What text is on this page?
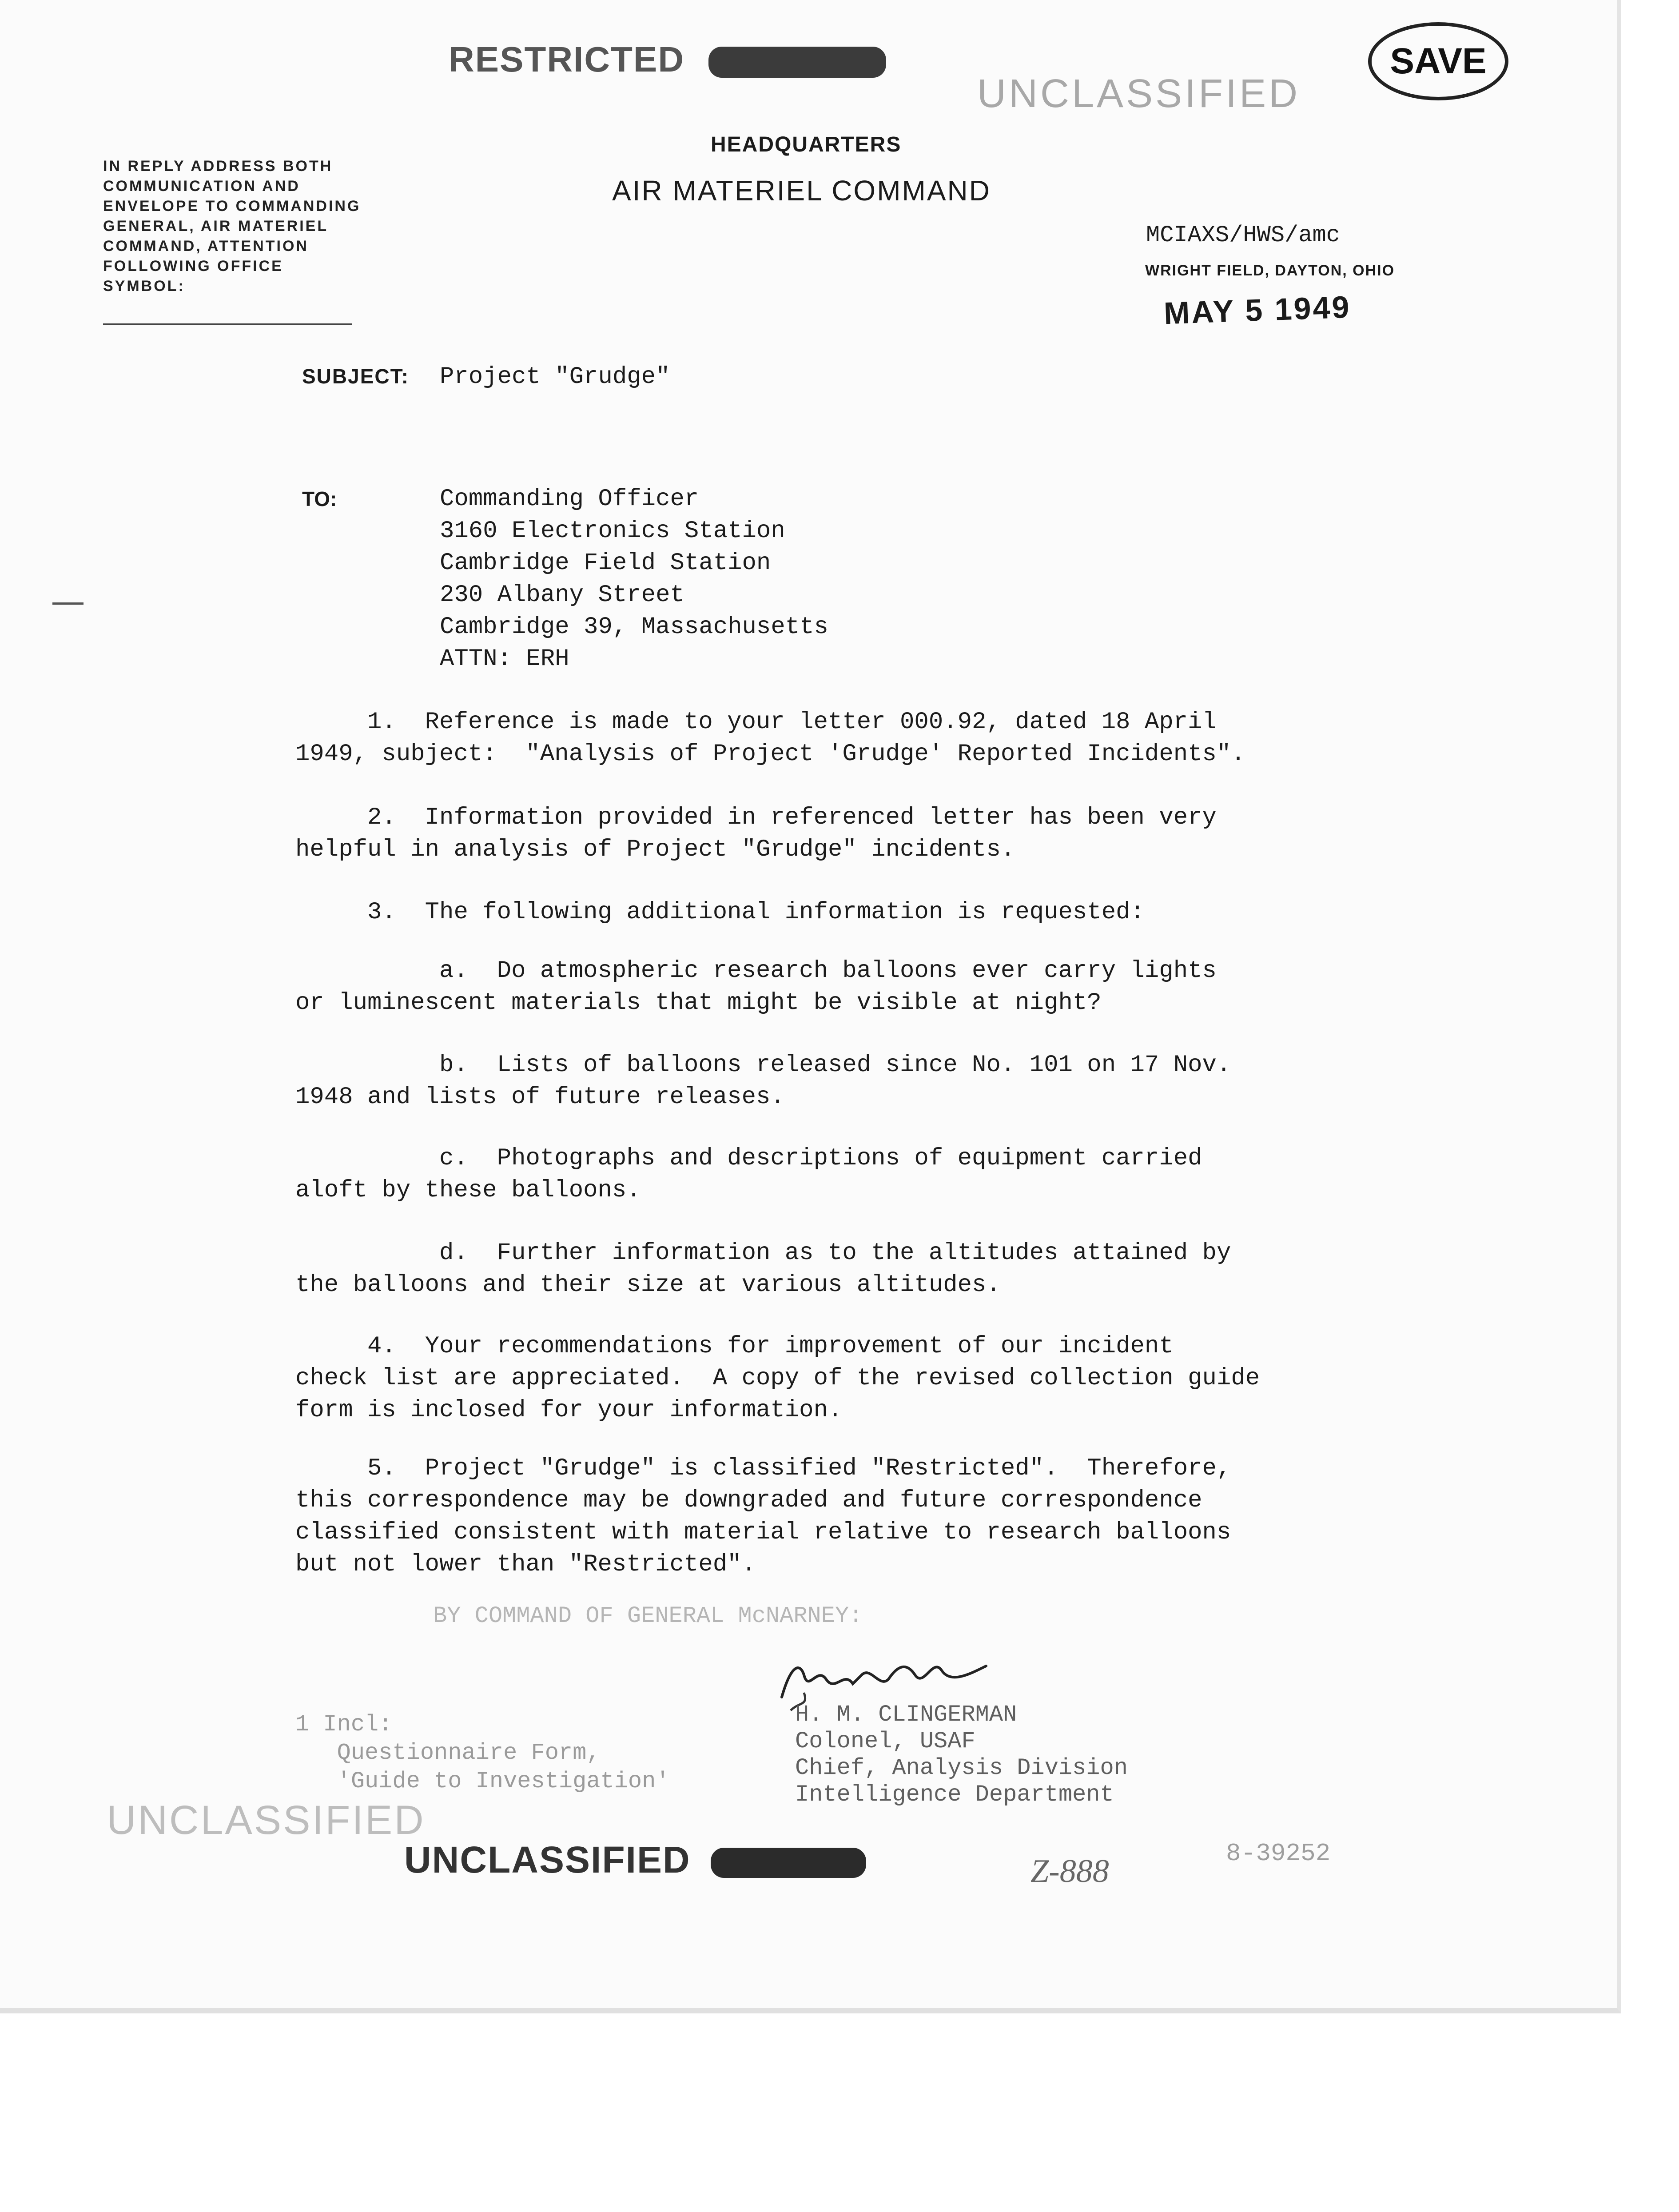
RESTRICTED
UNCLASSIFIED
SAVE
IN REPLY ADDRESS BOTH COMMUNICATION AND ENVELOPE TO COMMANDING GENERAL, AIR MATERIEL COMMAND, ATTENTION FOLLOWING OFFICE SYMBOL:
HEADQUARTERS
AIR MATERIEL COMMAND
MCIAXS/HWS/amc
WRIGHT FIELD, DAYTON, OHIO
MAY 5 1949
SUBJECT: Project "Grudge"
TO:	Commanding Officer
3160 Electronics Station
Cambridge Field Station
230 Albany Street
Cambridge 39, Massachusetts
ATTN: ERH
1.  Reference is made to your letter 000.92, dated 18 April
1949, subject:  "Analysis of Project 'Grudge' Reported Incidents".
2.  Information provided in referenced letter has been very
helpful in analysis of Project "Grudge" incidents.
3.  The following additional information is requested:
a.  Do atmospheric research balloons ever carry lights
or luminescent materials that might be visible at night?
b.  Lists of balloons released since No. 101 on 17 Nov.
1948 and lists of future releases.
c.  Photographs and descriptions of equipment carried
aloft by these balloons.
d.  Further information as to the altitudes attained by
the balloons and their size at various altitudes.
4.  Your recommendations for improvement of our incident
check list are appreciated.  A copy of the revised collection guide
form is inclosed for your information.
5.  Project "Grudge" is classified "Restricted".  Therefore,
this correspondence may be downgraded and future correspondence
classified consistent with material relative to research balloons
but not lower than "Restricted".
BY COMMAND OF GENERAL McNARNEY:
H. M. CLINGERMAN
Colonel, USAF
Chief, Analysis Division
Intelligence Department
1 Incl:
Questionnaire Form,
'Guide to Investigation'
UNCLASSIFIED
UNCLASSIFIED	Z-888	8-39252
